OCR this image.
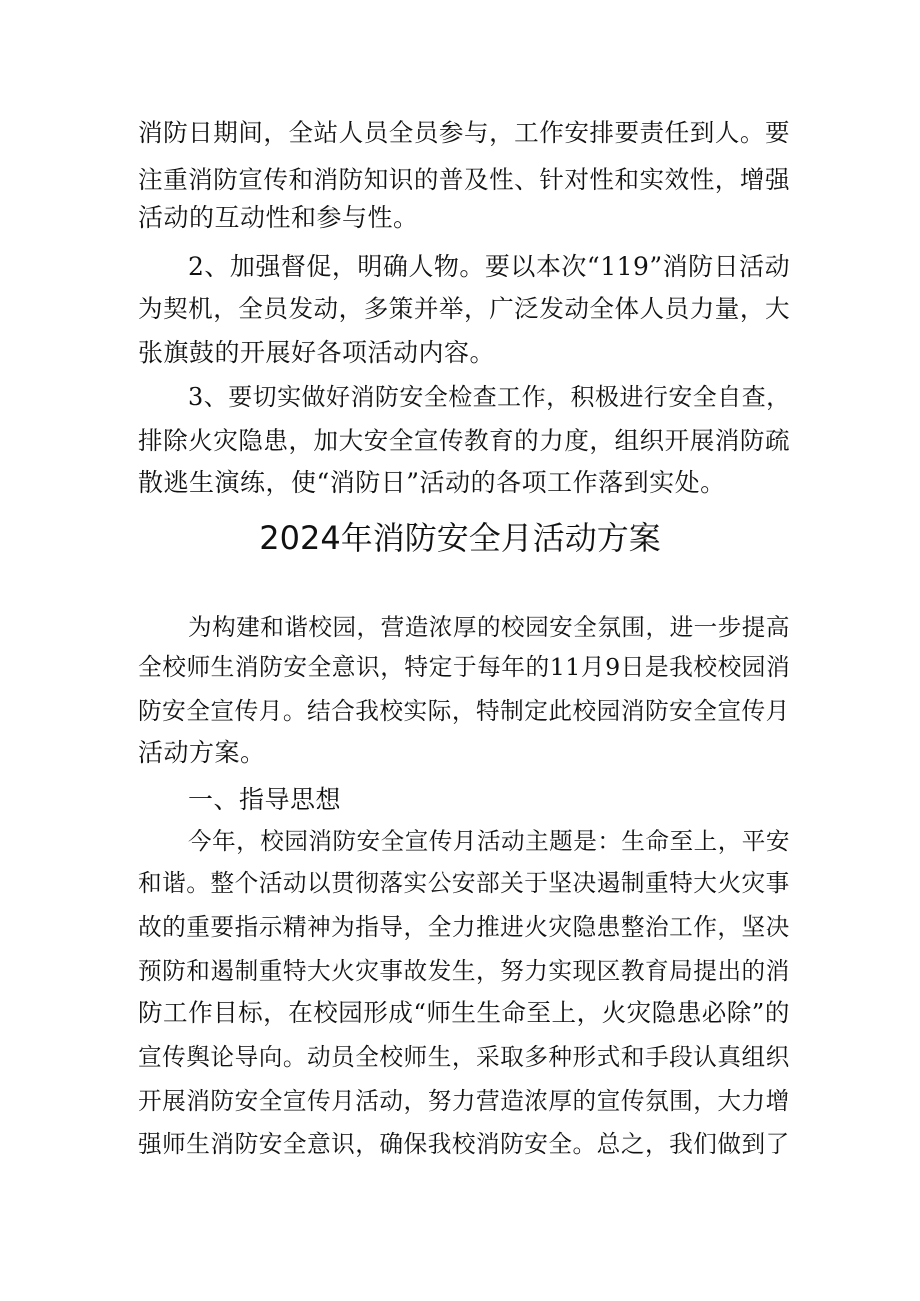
消防日期间，全站人员全员参与，工作安排要责任到人。要
注重消防宣传和消防知识的普及性、针对性和实效性，增强
活动的互动性和参与性。
2、加强督促，明确人物。要以本次“119”消防日活动
为契机，全员发动，多策并举，广泛发动全体人员力量，大
张旗鼓的开展好各项活动内容。
3、要切实做好消防安全检查工作，积极进行安全自查，
排除火灾隐患，加大安全宣传教育的力度，组织开展消防疏
散逃生演练，使“消防日”活动的各项工作落到实处。
2024年消防安全月活动方案
为构建和谐校园，营造浓厚的校园安全氛围，进一步提高
全校师生消防安全意识，特定于每年的11月9日是我校校园消
防安全宣传月。结合我校实际，特制定此校园消防安全宣传月
活动方案。
一、指导思想
今年，校园消防安全宣传月活动主题是：生命至上，平安
和谐。整个活动以贯彻落实公安部关于坚决遏制重特大火灾事
故的重要指示精神为指导，全力推进火灾隐患整治工作，坚决
预防和遏制重特大火灾事故发生，努力实现区教育局提出的消
防工作目标，在校园形成“师生生命至上，火灾隐患必除”的
宣传舆论导向。动员全校师生，采取多种形式和手段认真组织
开展消防安全宣传月活动，努力营造浓厚的宣传氛围，大力增
强师生消防安全意识，确保我校消防安全。总之，我们做到了
